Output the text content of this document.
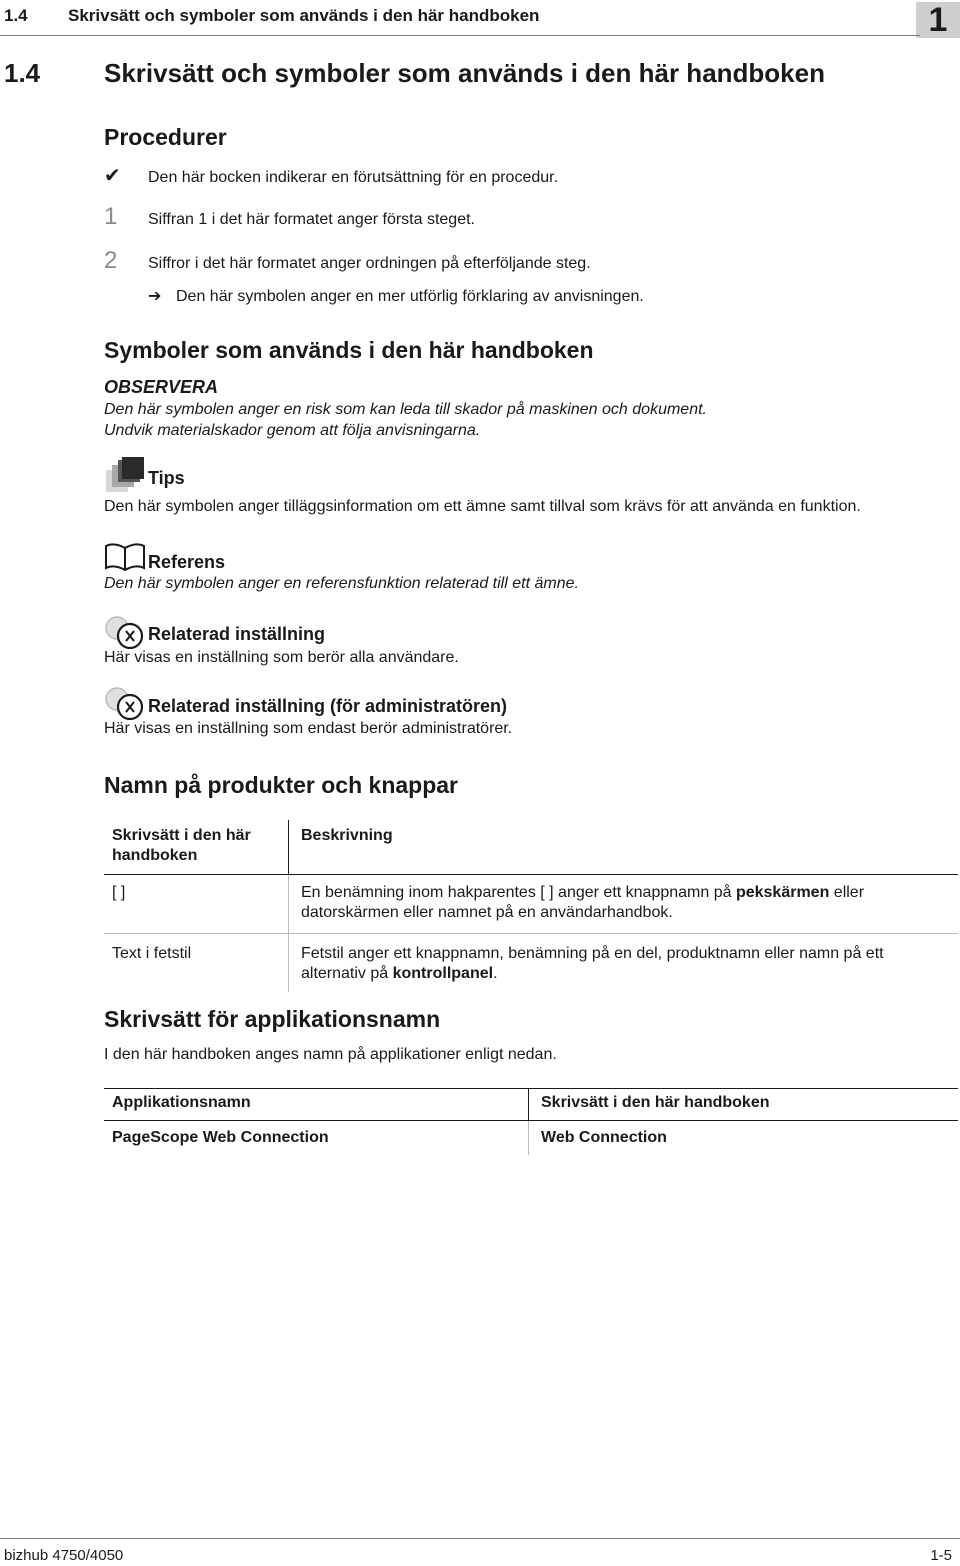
1.4 Skrivsätt och symboler som används i den här handboken	1
1.4 Skrivsätt och symboler som används i den här handboken
Procedurer
✔ Den här bocken indikerar en förutsättning för en procedur.
1 Siffran 1 i det här formatet anger första steget.
2 Siffror i det här formatet anger ordningen på efterföljande steg.
➔ Den här symbolen anger en mer utförlig förklaring av anvisningen.
Symboler som används i den här handboken
OBSERVERA
Den här symbolen anger en risk som kan leda till skador på maskinen och dokument.
Undvik materialskador genom att följa anvisningarna.
Tips
Den här symbolen anger tilläggsinformation om ett ämne samt tillval som krävs för att använda en funktion.
Referens
Den här symbolen anger en referensfunktion relaterad till ett ämne.
Relaterad inställning
Här visas en inställning som berör alla användare.
Relaterad inställning (för administratören)
Här visas en inställning som endast berör administratörer.
Namn på produkter och knappar
Skrivsätt i den här handboken	Beskrivning
[ ]	En benämning inom hakparentes [ ] anger ett knappnamn på pekskärmen eller datorskärmen eller namnet på en användarhandbok.
Text i fetstil	Fetstil anger ett knappnamn, benämning på en del, produktnamn eller namn på ett alternativ på kontrollpanel.
Skrivsätt för applikationsnamn
I den här handboken anges namn på applikationer enligt nedan.
Applikationsnamn	Skrivsätt i den här handboken
PageScope Web Connection	Web Connection
bizhub 4750/4050	1-5
